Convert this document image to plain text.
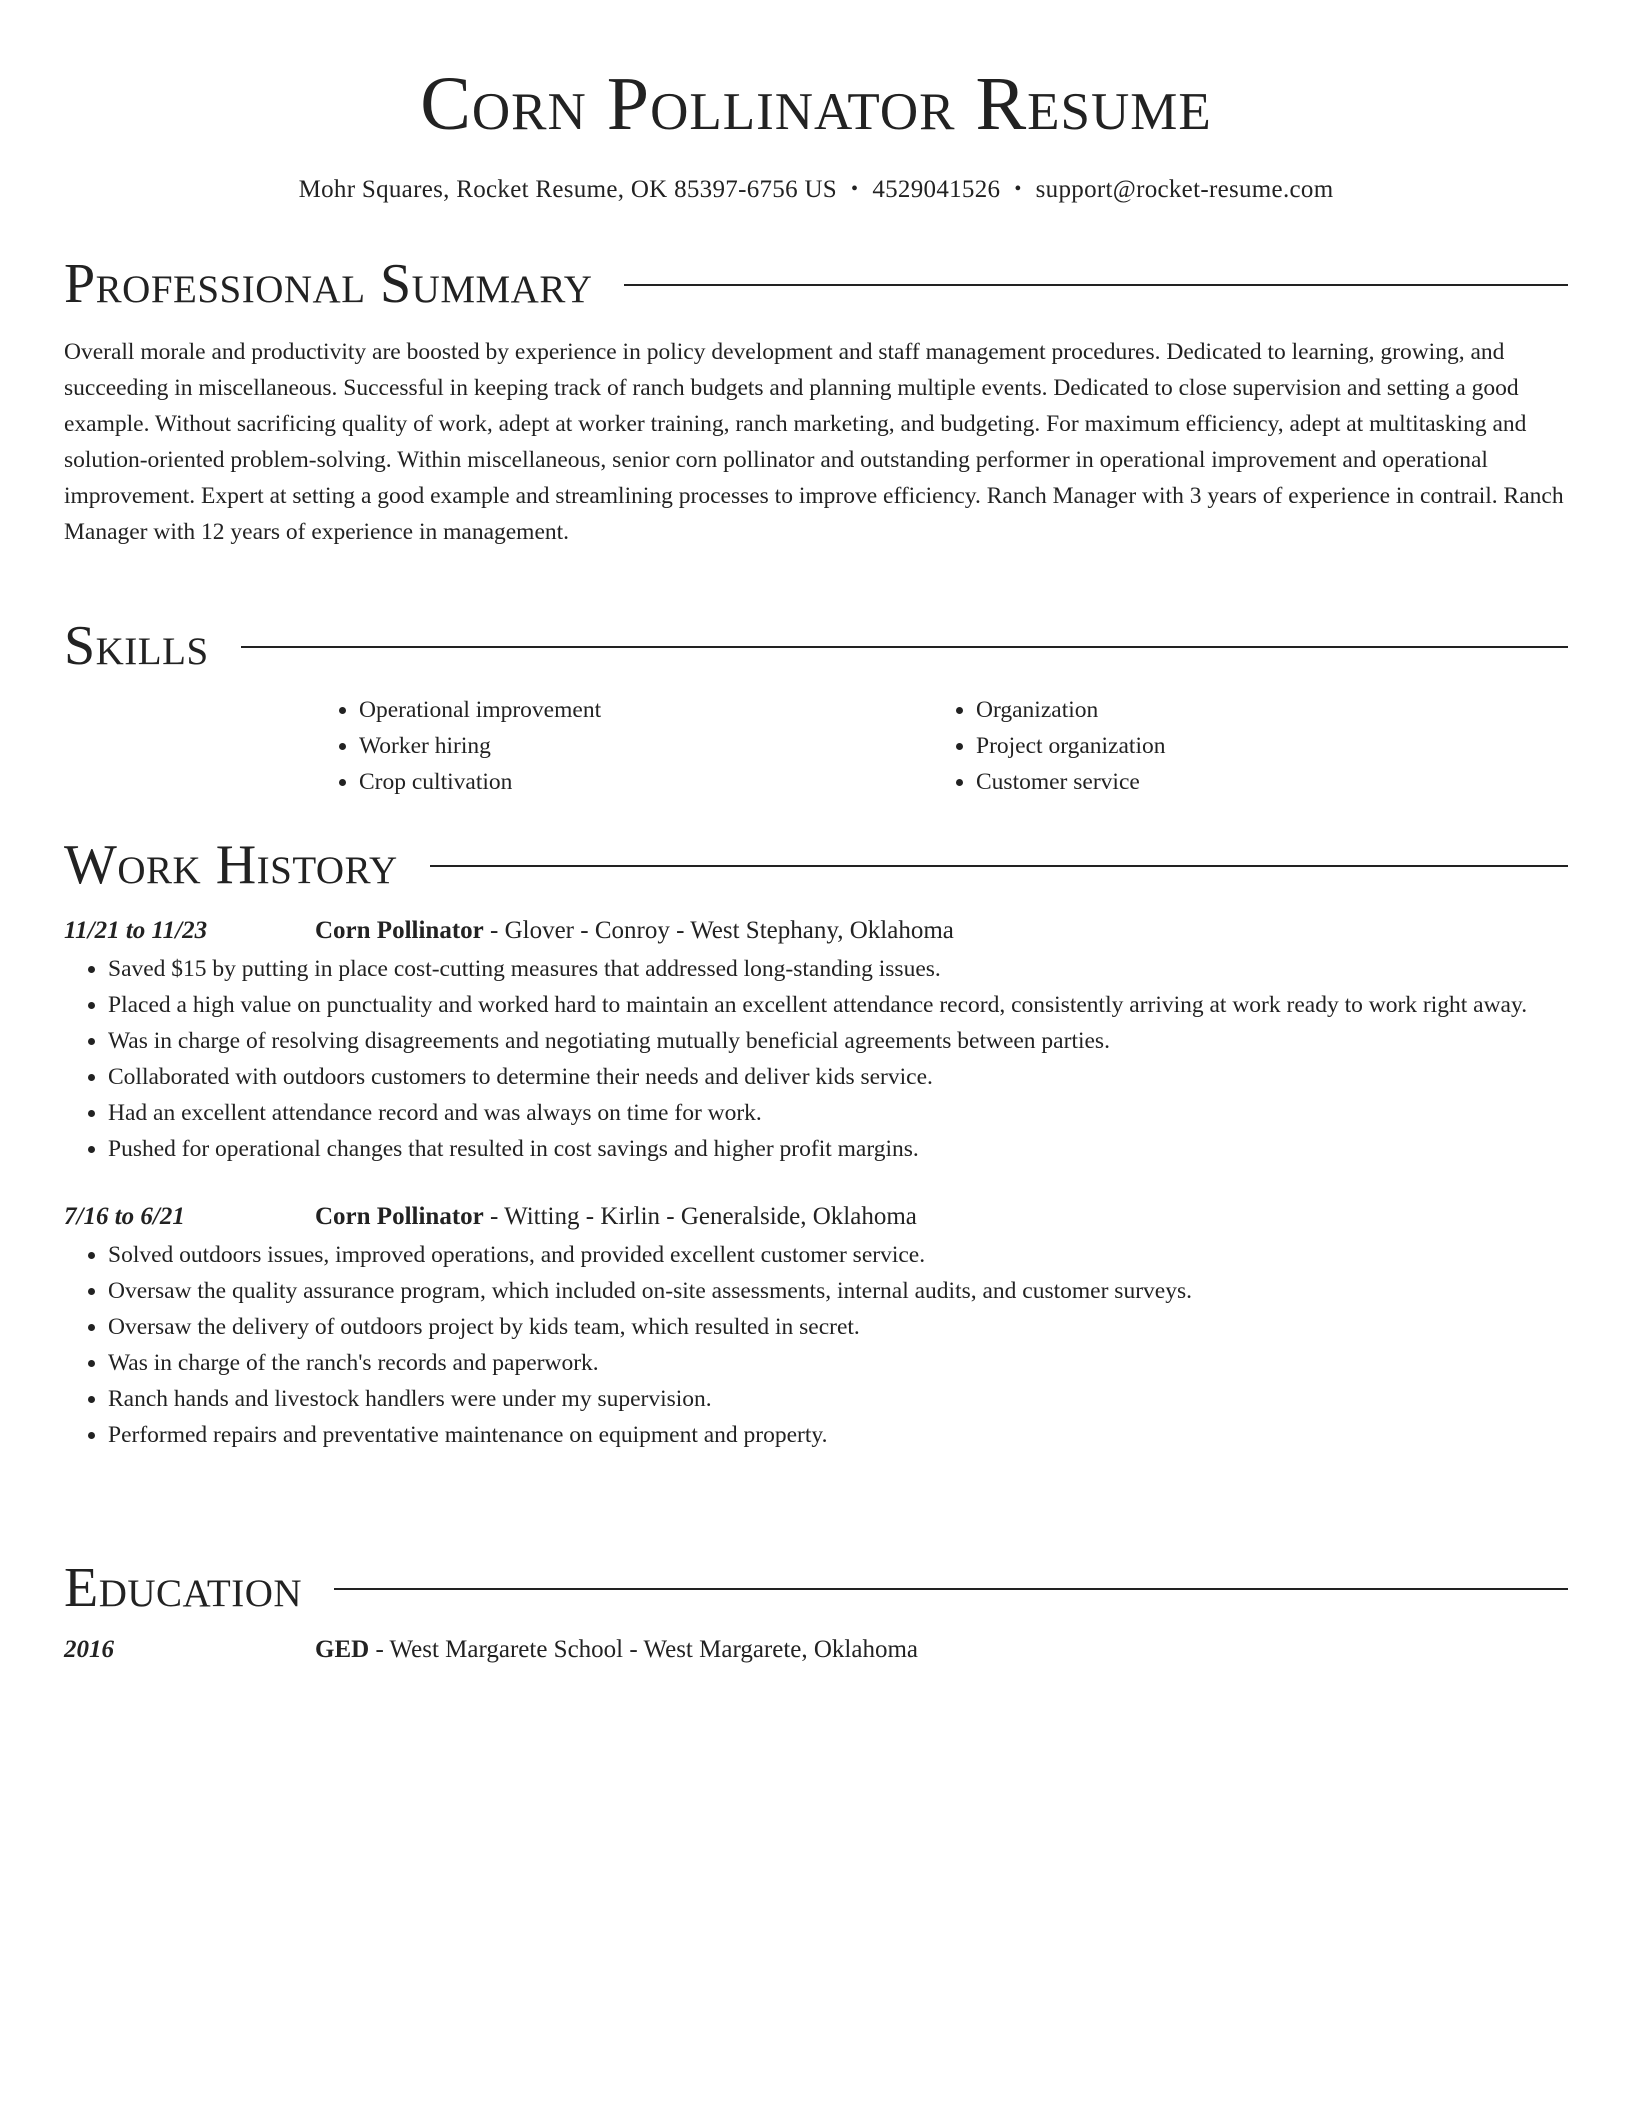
Corn Pollinator Resume
Mohr Squares, Rocket Resume, OK 85397-6756 US • 4529041526 • support@rocket-resume.com
Professional Summary

Overall morale and productivity are boosted by experience in policy development and staff management procedures. Dedicated to learning, growing, and succeeding in miscellaneous. Successful in keeping track of ranch budgets and planning multiple events. Dedicated to close supervision and setting a good example. Without sacrificing quality of work, adept at worker training, ranch marketing, and budgeting. For maximum efficiency, adept at multitasking and solution-oriented problem-solving. Within miscellaneous, senior corn pollinator and outstanding performer in operational improvement and operational improvement. Expert at setting a good example and streamlining processes to improve efficiency. Ranch Manager with 3 years of experience in contrail. Ranch Manager with 12 years of experience in management.

Skills
• Operational improvement
• Worker hiring
• Crop cultivation
• Organization
• Project organization
• Customer service
Work History
11/21 to 11/23	Corn Pollinator - Glover - Conroy - West Stephany, Oklahoma
• Saved $15 by putting in place cost-cutting measures that addressed long-standing issues.
• Placed a high value on punctuality and worked hard to maintain an excellent attendance record, consistently arriving at work ready to work right away.
• Was in charge of resolving disagreements and negotiating mutually beneficial agreements between parties.
• Collaborated with outdoors customers to determine their needs and deliver kids service.
• Had an excellent attendance record and was always on time for work.
• Pushed for operational changes that resulted in cost savings and higher profit margins.
7/16 to 6/21	Corn Pollinator - Witting - Kirlin - Generalside, Oklahoma
• Solved outdoors issues, improved operations, and provided excellent customer service.
• Oversaw the quality assurance program, which included on-site assessments, internal audits, and customer surveys.
• Oversaw the delivery of outdoors project by kids team, which resulted in secret.
• Was in charge of the ranch's records and paperwork.
• Ranch hands and livestock handlers were under my supervision.
• Performed repairs and preventative maintenance on equipment and property.
Education
2016	GED - West Margarete School - West Margarete, Oklahoma
